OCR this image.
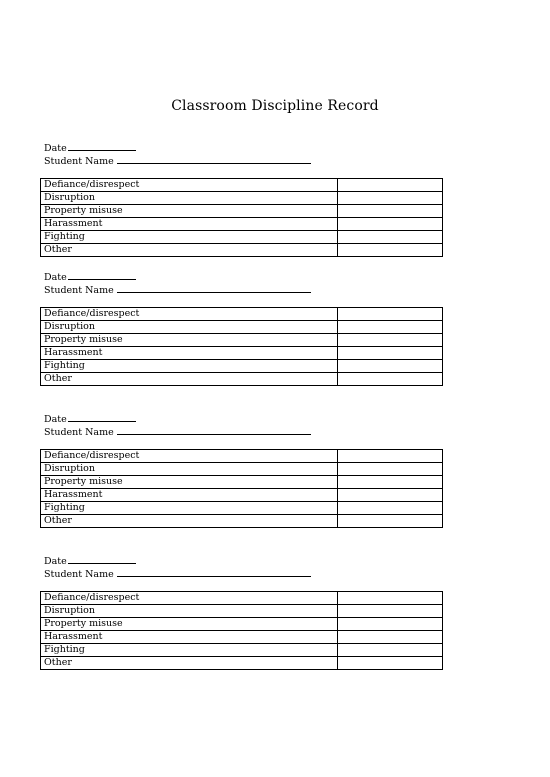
Classroom Discipline Record
Date
Student Name
Defiance/disrespect	
Disruption	
Property misuse	
Harassment	
Fighting	
Other	
Date
Student Name
Defiance/disrespect	
Disruption	
Property misuse	
Harassment	
Fighting	
Other	
Date
Student Name
Defiance/disrespect	
Disruption	
Property misuse	
Harassment	
Fighting	
Other	
Date
Student Name
Defiance/disrespect	
Disruption	
Property misuse	
Harassment	
Fighting	
Other	
